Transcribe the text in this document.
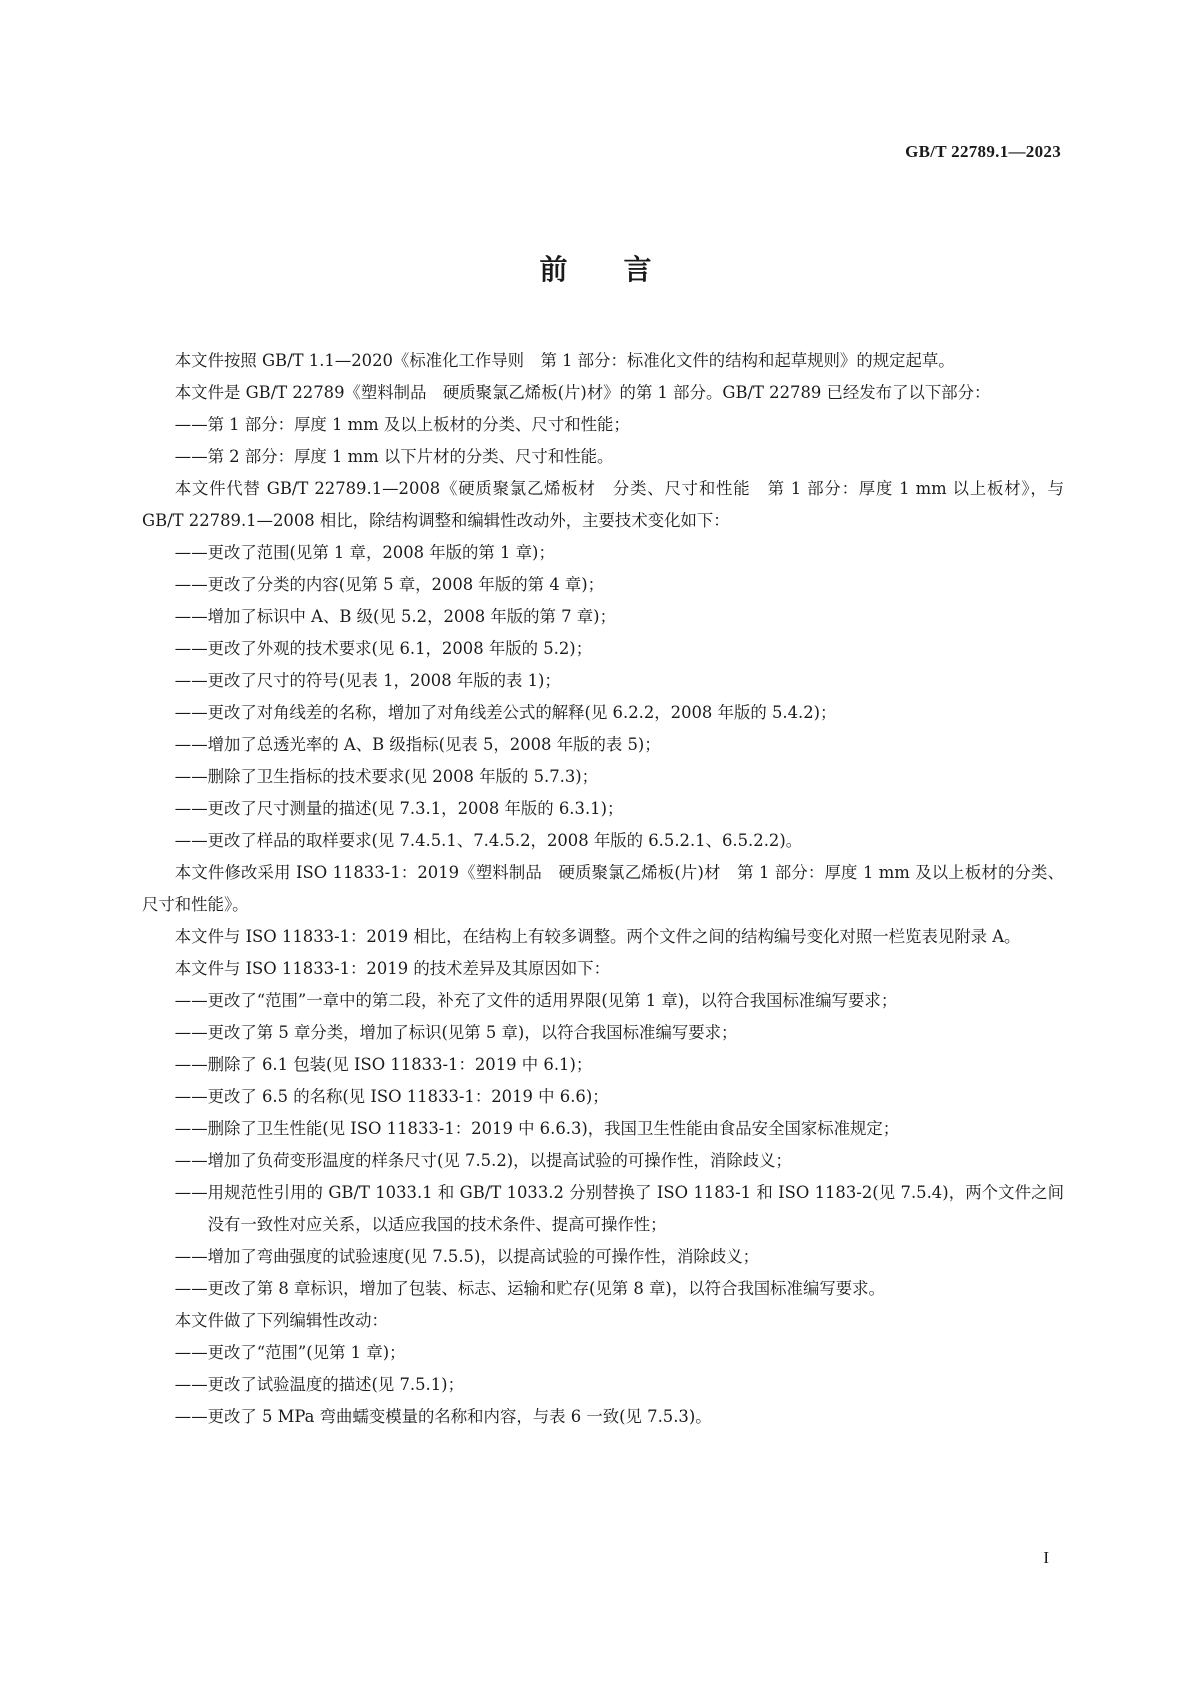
GB/T 22789.1—2023
前言

本文件按照 GB/T 1.1—2020《标准化工作导则　第 1 部分：标准化文件的结构和起草规则》的规定起草。

本文件是 GB/T 22789《塑料制品　硬质聚氯乙烯板(片)材》的第 1 部分。GB/T 22789 已经发布了以下部分：

——第 1 部分：厚度 1 mm 及以上板材的分类、尺寸和性能；

——第 2 部分：厚度 1 mm 以下片材的分类、尺寸和性能。

本文件代替 GB/T 22789.1—2008《硬质聚氯乙烯板材　分类、尺寸和性能　第 1 部分：厚度 1 mm 以上板材》，与 GB/T 22789.1—2008 相比，除结构调整和编辑性改动外，主要技术变化如下：

——更改了范围(见第 1 章，2008 年版的第 1 章)；

——更改了分类的内容(见第 5 章，2008 年版的第 4 章)；

——增加了标识中 A、B 级(见 5.2，2008 年版的第 7 章)；

——更改了外观的技术要求(见 6.1，2008 年版的 5.2)；

——更改了尺寸的符号(见表 1，2008 年版的表 1)；

——更改了对角线差的名称，增加了对角线差公式的解释(见 6.2.2，2008 年版的 5.4.2)；

——增加了总透光率的 A、B 级指标(见表 5，2008 年版的表 5)；

——删除了卫生指标的技术要求(见 2008 年版的 5.7.3)；

——更改了尺寸测量的描述(见 7.3.1，2008 年版的 6.3.1)；

——更改了样品的取样要求(见 7.4.5.1、7.4.5.2，2008 年版的 6.5.2.1、6.5.2.2)。

本文件修改采用 ISO 11833-1：2019《塑料制品　硬质聚氯乙烯板(片)材　第 1 部分：厚度 1 mm 及以上板材的分类、尺寸和性能》。

本文件与 ISO 11833-1：2019 相比，在结构上有较多调整。两个文件之间的结构编号变化对照一栏览表见附录 A。

本文件与 ISO 11833-1：2019 的技术差异及其原因如下：

——更改了“范围”一章中的第二段，补充了文件的适用界限(见第 1 章)，以符合我国标准编写要求；

——更改了第 5 章分类，增加了标识(见第 5 章)，以符合我国标准编写要求；

——删除了 6.1 包装(见 ISO 11833-1：2019 中 6.1)；

——更改了 6.5 的名称(见 ISO 11833-1：2019 中 6.6)；

——删除了卫生性能(见 ISO 11833-1：2019 中 6.6.3)，我国卫生性能由食品安全国家标准规定；

——增加了负荷变形温度的样条尺寸(见 7.5.2)，以提高试验的可操作性，消除歧义；

——用规范性引用的 GB/T 1033.1 和 GB/T 1033.2 分别替换了 ISO 1183-1 和 ISO 1183-2(见 7.5.4)，两个文件之间没有一致性对应关系，以适应我国的技术条件、提高可操作性；

——增加了弯曲强度的试验速度(见 7.5.5)，以提高试验的可操作性，消除歧义；

——更改了第 8 章标识，增加了包装、标志、运输和贮存(见第 8 章)，以符合我国标准编写要求。

本文件做了下列编辑性改动：

——更改了“范围”(见第 1 章)；

——更改了试验温度的描述(见 7.5.1)；

——更改了 5 MPa 弯曲蠕变模量的名称和内容，与表 6 一致(见 7.5.3)。

I
